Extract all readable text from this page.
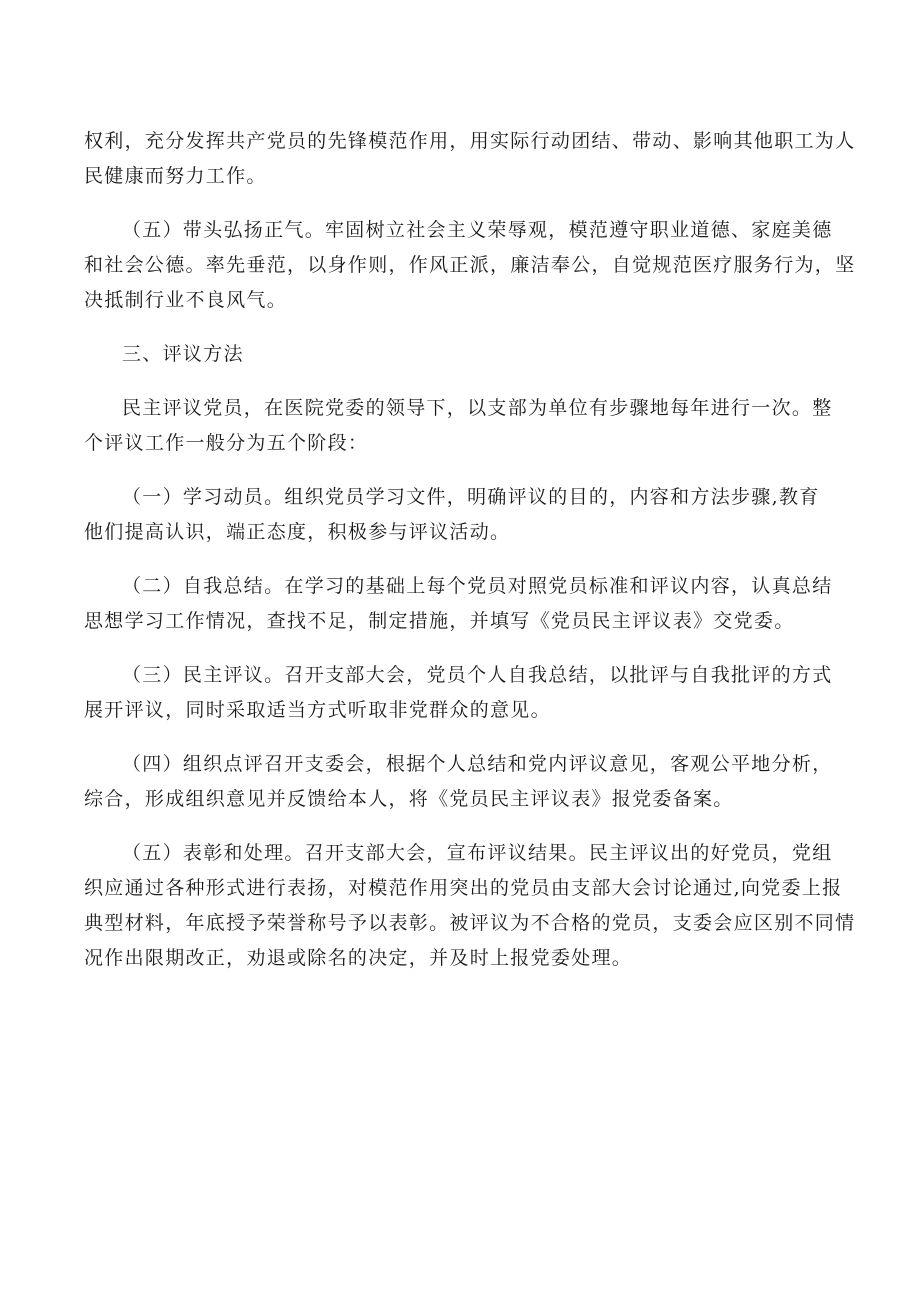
权利，充分发挥共产党员的先锋模范作用，用实际行动团结、带动、影响其他职工为人
民健康而努力工作。

（五）带头弘扬正气。牢固树立社会主义荣辱观，模范遵守职业道德、家庭美德
和社会公德。率先垂范，以身作则，作风正派，廉洁奉公，自觉规范医疗服务行为，坚
决抵制行业不良风气。

三、评议方法

民主评议党员，在医院党委的领导下，以支部为单位有步骤地每年进行一次。整
个评议工作一般分为五个阶段：

（一）学习动员。组织党员学习文件，明确评议的目的，内容和方法步骤,教育
他们提高认识，端正态度，积极参与评议活动。

（二）自我总结。在学习的基础上每个党员对照党员标准和评议内容，认真总结
思想学习工作情况，查找不足，制定措施，并填写《党员民主评议表》交党委。

（三）民主评议。召开支部大会，党员个人自我总结，以批评与自我批评的方式
展开评议，同时采取适当方式听取非党群众的意见。

（四）组织点评召开支委会，根据个人总结和党内评议意见，客观公平地分析，
综合，形成组织意见并反馈给本人，将《党员民主评议表》报党委备案。

（五）表彰和处理。召开支部大会，宣布评议结果。民主评议出的好党员，党组
织应通过各种形式进行表扬，对模范作用突出的党员由支部大会讨论通过,向党委上报
典型材料，年底授予荣誉称号予以表彰。被评议为不合格的党员，支委会应区别不同情
况作出限期改正，劝退或除名的决定，并及时上报党委处理。
